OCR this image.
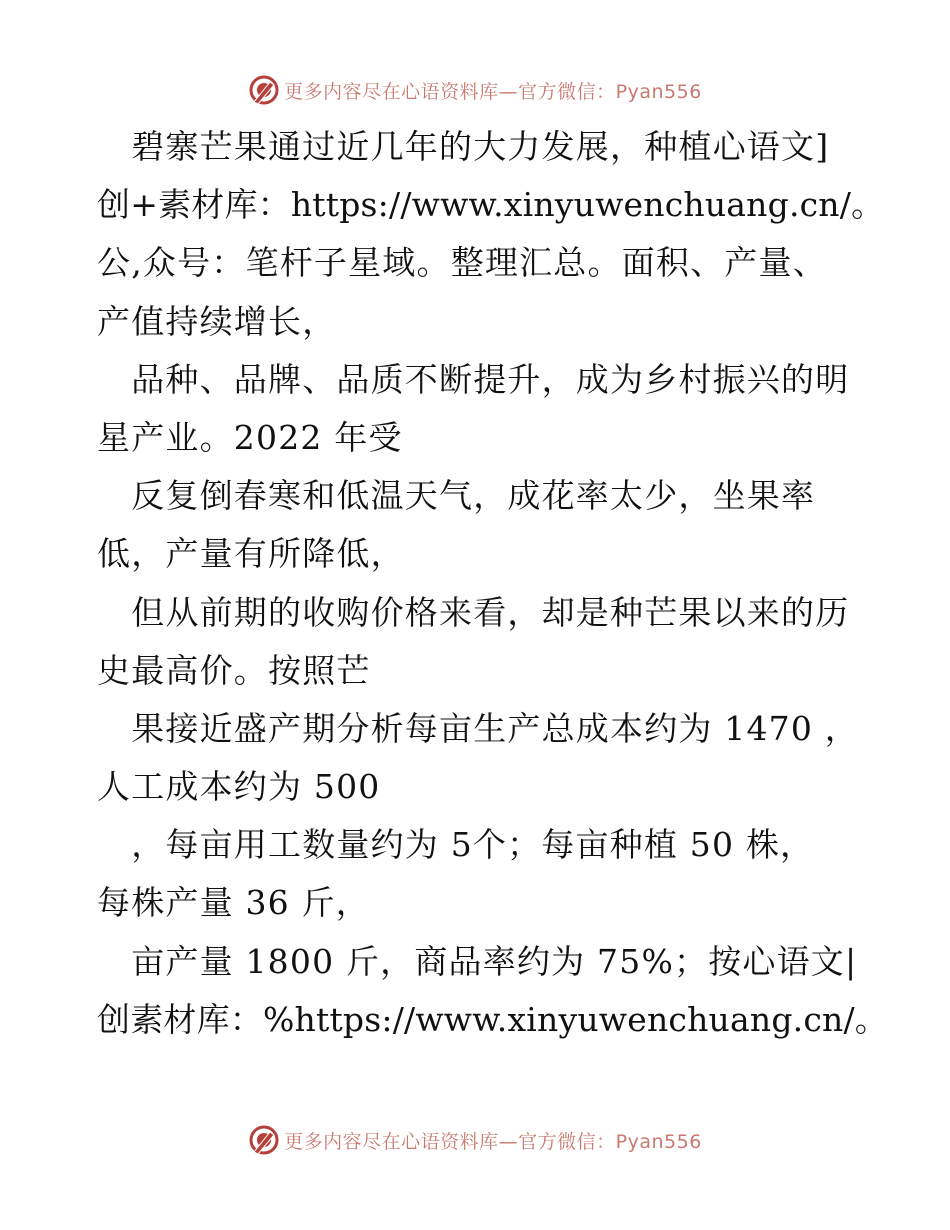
更多内容尽在心语资料库—官方微信：Pyan556
　碧寨芒果通过近几年的大力发展，种植心语文]
创+素材库：https://www.xinyuwenchuang.cn/。
公,众号：笔杆子星域。整理汇总。面积、产量、
产值持续增长，
　品种、品牌、品质不断提升，成为乡村振兴的明
星产业。2022 年受
　反复倒春寒和低温天气，成花率太少，坐果率
低，产量有所降低，
　但从前期的收购价格来看，却是种芒果以来的历
史最高价。按照芒
　果接近盛产期分析每亩生产总成本约为 1470 ，
人工成本约为 500
　，每亩用工数量约为 5个；每亩种植 50 株，
每株产量 36 斤，
　亩产量 1800 斤，商品率约为 75%；按心语文|
创素材库：%https://www.xinyuwenchuang.cn/。
更多内容尽在心语资料库—官方微信：Pyan556
